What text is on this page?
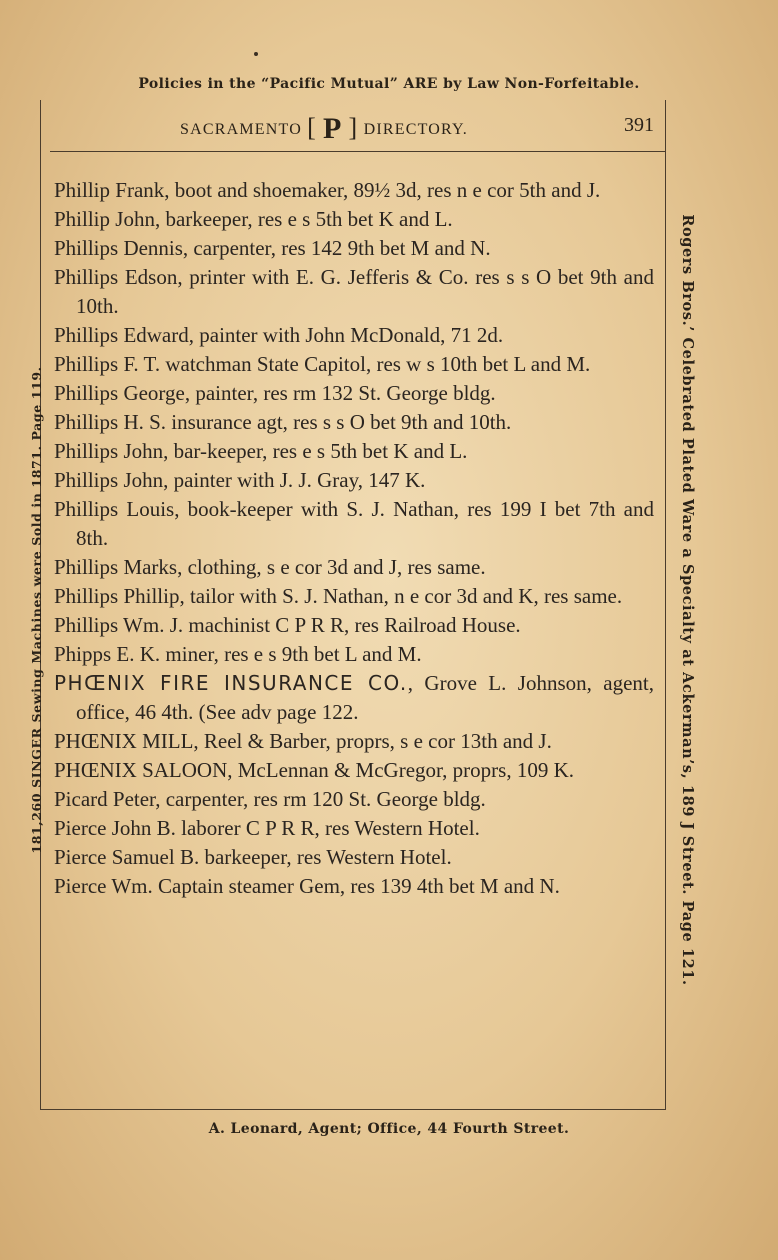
Policies in the “Pacific Mutual” ARE by Law Non-Forfeitable.
SACRAMENTO [ P ] DIRECTORY.	391

Phillip Frank, boot and shoemaker, 89½ 3d, res n e cor 5th and J.

Phillip John, barkeeper, res e s 5th bet K and L.

Phillips Dennis, carpenter, res 142 9th bet M and N.

Phillips Edson, printer with E. G. Jefferis & Co. res s s O bet 9th and 10th.

Phillips Edward, painter with John McDonald, 71 2d.

Phillips F. T. watchman State Capitol, res w s 10th bet L and M.

Phillips George, painter, res rm 132 St. George bldg.

Phillips H. S. insurance agt, res s s O bet 9th and 10th.

Phillips John, bar-keeper, res e s 5th bet K and L.

Phillips John, painter with J. J. Gray, 147 K.

Phillips Louis, book-keeper with S. J. Nathan, res 199 I bet 7th and 8th.

Phillips Marks, clothing, s e cor 3d and J, res same.

Phillips Phillip, tailor with S. J. Nathan, n e cor 3d and K, res same.

Phillips Wm. J. machinist C P R R, res Railroad House.

Phipps E. K. miner, res e s 9th bet L and M.

PHŒNIX FIRE INSURANCE CO., Grove L. Johnson, agent, office, 46 4th. (See adv page 122.

PHŒNIX MILL, Reel & Barber, proprs, s e cor 13th and J.

PHŒNIX SALOON, McLennan & McGregor, proprs, 109 K.

Picard Peter, carpenter, res rm 120 St. George bldg.

Pierce John B. laborer C P R R, res Western Hotel.

Pierce Samuel B. barkeeper, res Western Hotel.

Pierce Wm. Captain steamer Gem, res 139 4th bet M and N.

181,260 SINGER Sewing Machines were Sold in 1871. Page 119.	Rogers Bros.’ Celebrated Plated Ware a Specialty at Ackerman’s, 189 J Street. Page 121.
A. Leonard, Agent; Office, 44 Fourth Street.
